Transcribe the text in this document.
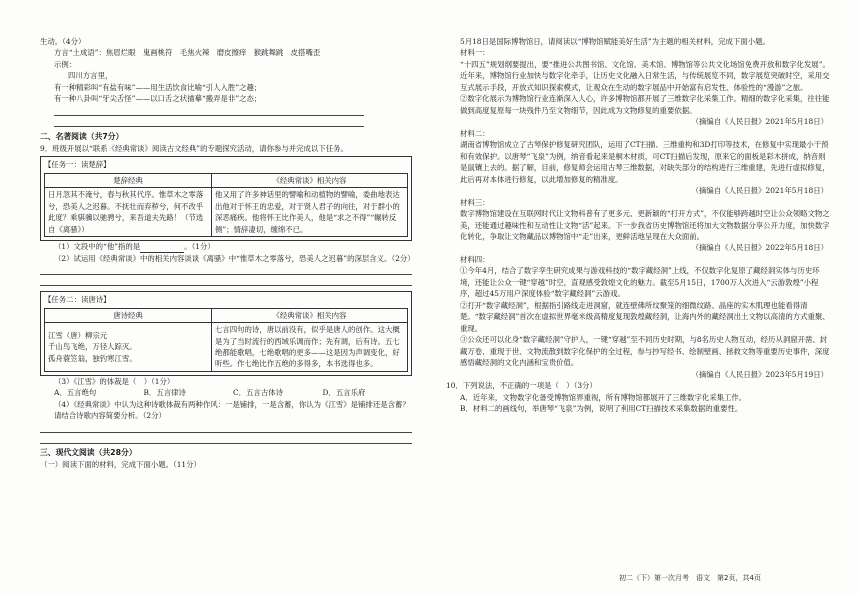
生动。（4分）

方言“土成语”：焦眉烂眼　鬼画桃符　毛焦火辣　磨皮擦痒　猴跳舞跳　皮搭嘴歪

示例：

四川方言里，

有一种精彩叫“有盐有味”——用生活饮食比喻“引人入胜”之趣；

有一种八卦叫“牙尖舌怪”——以口舌之状描摹“搬弄是非”之态；

二、名著阅读（共7分）

9．班级开展以“联系《经典常谈》阅读古文经典”的专题探究活动，请你参与并完成以下任务。

【任务一：读楚辞】
楚辞经典	《经典常谈》相关内容
日月忽其不淹兮，春与秋其代序。惟草木之零落兮，恐美人之迟暮。不抚壮而弃秽兮，何不改乎此度？乘骐骥以驰骋兮，来吾道夫先路！（节选自《离骚》）	他又用了许多神话里的譬喻和动植物的譬喻，委曲地表达出他对于怀王的忠爱，对于贤人君子的向往，对于群小的深恶痛疾。他将怀王比作美人，他是“求之不得”“辗转反侧”；情辞凄切，缠绵不已。

（1）文段中的“他”指的是	。（1分）

（2）试运用《经典常谈》中的相关内容谈谈《离骚》中“惟草木之零落兮，恐美人之迟暮”的深层含义。（2分）

【任务二：读唐诗】
唐诗经典	《经典常谈》相关内容

江雪（唐）柳宗元
千山鸟飞绝，万径人踪灭。
孤舟蓑笠翁，独钓寒江雪。	七言四句的诗，唐以前没有，似乎是唐人的创作。这大概是为了当时流行的西域乐调而作；先有调，后有诗。五七绝都能歌唱，七绝歌唱的更多——这是因为声调变化，好听些。作七绝比作五绝的多得多，本书选得也多。

（3）《江雪》的体裁是（　）（1分）

A．五言绝句	B．五言律诗	C．五言古体诗	D．五言乐府

（4）《经典常谈》中认为这种诗歌体裁有两种作风：一是铺排，一是含蓄，你认为《江雪》是铺排还是含蓄？请结合诗歌内容简要分析。（2分）

三、现代文阅读（共28分）

（一）阅读下面的材料，完成下面小题。（11分）

5月18日是国际博物馆日，请阅读以“博物馆赋能美好生活”为主题的相关材料，完成下面小题。

材料一：

“十四五”规划纲要提出，要“推进公共图书馆、文化馆、美术馆、博物馆等公共文化场馆免费开放和数字化发展”。近年来，博物馆行业加快与数字化牵手，让历史文化融入日常生活，与传统展览不同，数字展览突破时空，采用交互式展示手段，开放式知识探索模式，让观众在生动的数字展品中开始富有启发性、体验性的“漫游”之旅。

②数字化展示为博物馆行业连渐深入人心，许多博物馆都开展了三维数字化采集工作。精细的数字化采集，往往能做到高度复原每一块残件乃至文物细节，因此成为文物修复的重要依据。

（摘编自《人民日报》2021年5月18日）

材料二：

湖南省博物馆成立了古琴保护修复研究团队，运用了CT扫描、三维重构和3D打印等技术，在修复中实现最小干预和有效保护。以唐琴“飞泉”为例，纳音看起来是桐木材质，可CT扫描后发现，原来它的面板是彩木拼成，纳音则是鼠镶上去的。据了解，目前，修复师会运用古琴三维数据，对缺失部分的结构进行三维重建，先进行虚拟修复，此后再对本体进行修复，以此增加修复的精准度。

（摘编自《人民日报》2021年5月18日）

材料三：

数字博物馆建设在互联网时代让文物科普有了更多元、更新颖的“打开方式”，不仅能够跨越时空让公众领略文物之美，还能通过趣味性和互动性让文物“活”起来。下一步我省历史博物馆还将加大文物数据分享公开力度，加快数字化转化，争取让文物藏品以博物馆中“走”出来，更鲜活地呈现在大众面前。

（摘编自《人民日报》2022年5月18日）

材料四：

①今年4月，结合了数字孪生研究成果与游戏科技的“数字藏经洞”上线，不仅数字化复原了藏经洞实体与历史环境，还能让公众一键“穿越”时空，直观感受敦煌文化的魅力。截至5月15日，1700万人次进入“云游敦煌”小程序，超过45万用户深度体验“数字藏经洞”云游戏。

②打开“数字藏经洞”，根据指引路线走进洞窟，就连壁佛所纹聚笼的细微纹路、晶座的实木肌理也能看得清楚。“数字藏经洞”首次在虚拟世界毫米级高精度复现敦煌藏经洞，让海内外的藏经洞出土文物以高清的方式重聚、重现。

③公众还可以化身“数字藏经洞”守护人，一键“穿越”至不同历史时期，与8名历史人物互动，经历从洞窟开凿、封藏万卷、重现于世、文物流散到数字化保护的全过程，参与抄写经书、绘制壁画、拯救文物等重要历史事件，深度感悟藏经洞的文化内涵和宝贵价值。

（摘编自《人民日报》2023年5月19日）

10．下列说法，不正确的一项是（　）（3分）

A．近年来，文物数字化备受博物馆界重视，所有博物馆都展开了三维数字化采集工作。

B．材料二的画线句，举唐琴“飞泉”为例，说明了利用CT扫描技术采集数据的重要性。

初二（下）第一次月考　语文　第2页，共4页
